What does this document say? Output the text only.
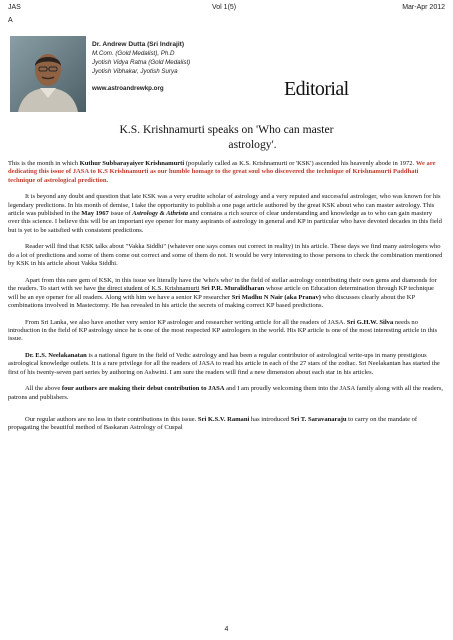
JAS	Vol 1(5)	Mar-Apr 2012
A
Dr. Andrew Dutta (Sri Indrajit)
M.Com. (Gold Medalist), Ph.D
Jyotish Vidya Ratna (Gold Medalist)
Jyotish Vibhakar, Jyotish Surya
www.astroandrewkp.org	Editorial
K.S. Krishnamurti speaks on 'Who can master
astrology'.

This is the month in which Kuthur Subbarayaiyer Krishnamurti (popularly called as K.S. Krishnamurti or 'KSK') ascended his heavenly abode in 1972. We are dedicating this issue of JASA to K.S Krishnamurti as our humble homage to the great soul who discovered the technique of Krishnamurti Paddhati technique of astrological prediction.

It is beyond any doubt and question that late KSK was a very erudite scholar of astrology and a very reputed and successful astrologer, who was known for his legendary predictions. In his month of demise, I take the opportunity to publish a one page article authored by the great KSK about who can master astrology. This article was published in the May 1967 issue of Astrology & Athrista and contains a rich source of clear understanding and knowledge as to who can gain mastery over this science. I believe this will be an important eye opener for many aspirants of astrology in general and KP in particular who have devoted decades in this field but is yet to be satisfied with consistent predictions.

Reader will find that KSK talks about "Vakka Siddhi" (whatever one says comes out correct in reality) in his article. These days we find many astrologers who do a lot of predictions and some of them come out correct and some of them do not. It would be very interesting to those persons to check the combination mentioned by KSK in his article about Vakka Siddhi.

Apart from this rare gem of KSK, in this issue we literally have the 'who's who' in the field of stellar astrology contributing their own gems and diamonds for the readers. To start with we have the direct student of K.S. Krishnamurti Sri P.R. Muralidharan whose article on Education determination through KP technique will be an eye opener for all readers. Along with him we have a senior KP researcher Sri Madhu N Nair (aka Pranav) who discusses clearly about the KP combinations involved in Mastectomy. He has revealed in his article the secrets of making correct KP based predictions.

From Sri Lanka, we also have another very senior KP astrologer and researcher writing article for all the readers of JASA. Sri G.H.W. Silva needs no introduction in the field of KP astrology since he is one of the most respected KP astrologers in the world. His KP article is one of the most interesting article in this issue.

Dr. E.S. Neelakanatan is a national figure in the field of Vedic astrology and has been a regular contributor of astrological write-ups in many prestigious astrological knowledge outlets. It is a rare privilege for all the readers of JASA to read his article in each of the 27 stars of the zodiac. Sri Neelakantan has started the first of his twenty-seven part series by authoring on Ashwini. I am sure the readers will find a new dimension about each star in his articles.

All the above four authors are making their debut contribution to JASA and I am proudly welcoming them into the JASA family along with all the readers, patrons and publishers.

Our regular authors are no less in their contributions in this issue. Sri K.S.V. Ramani has introduced Sri T. Saravanaraju to carry on the mandate of propagating the beautiful method of Baskaran Astrology of Cuspal

4
